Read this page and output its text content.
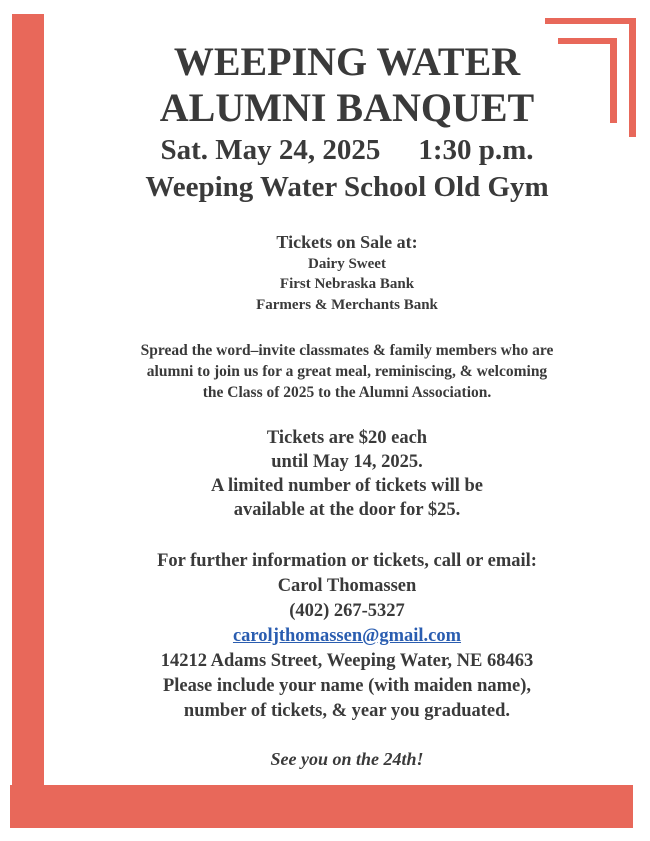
WEEPING WATER
ALUMNI BANQUET
Sat. May 24, 2025 1:30 p.m.
Weeping Water School Old Gym
Tickets on Sale at:
Dairy Sweet
First Nebraska Bank
Farmers & Merchants Bank
Spread the word–invite classmates & family members who are
alumni to join us for a great meal, reminiscing, & welcoming
the Class of 2025 to the Alumni Association.
Tickets are $20 each
until May 14, 2025.
A limited number of tickets will be
available at the door for $25.
For further information or tickets, call or email:
Carol Thomassen
(402) 267-5327
caroljthomassen@gmail.com
14212 Adams Street, Weeping Water, NE 68463
Please include your name (with maiden name),
number of tickets, & year you graduated.
See you on the 24th!
